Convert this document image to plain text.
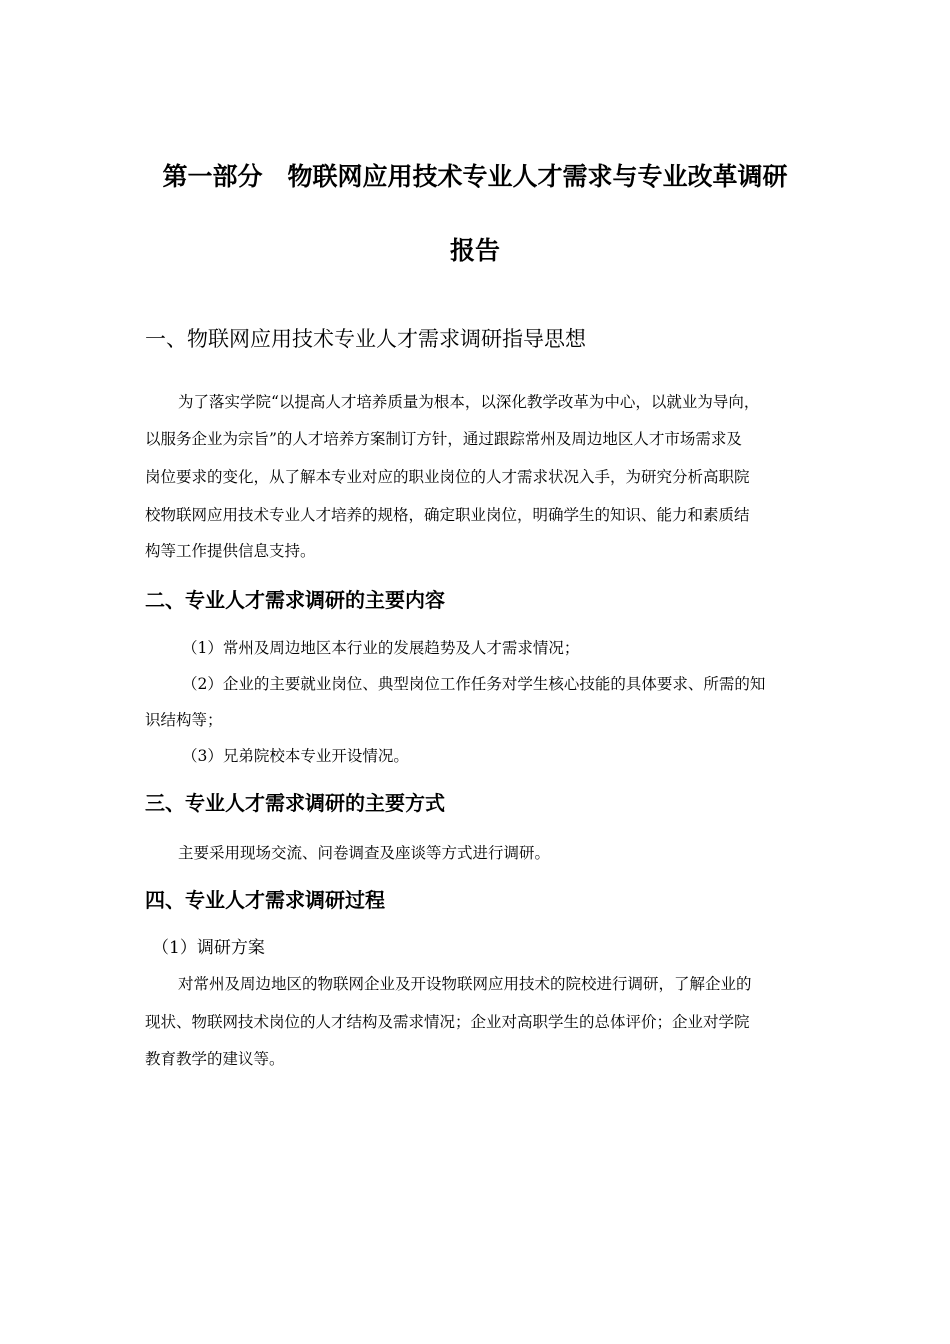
第一部分　物联网应用技术专业人才需求与专业改革调研
报告
一、物联网应用技术专业人才需求调研指导思想
为了落实学院“以提高人才培养质量为根本，以深化教学改革为中心，以就业为导向，
以服务企业为宗旨”的人才培养方案制订方针，通过跟踪常州及周边地区人才市场需求及
岗位要求的变化，从了解本专业对应的职业岗位的人才需求状况入手，为研究分析高职院
校物联网应用技术专业人才培养的规格，确定职业岗位，明确学生的知识、能力和素质结
构等工作提供信息支持。
二、专业人才需求调研的主要内容
（1）常州及周边地区本行业的发展趋势及人才需求情况；
（2）企业的主要就业岗位、典型岗位工作任务对学生核心技能的具体要求、所需的知
识结构等；
（3）兄弟院校本专业开设情况。
三、专业人才需求调研的主要方式
主要采用现场交流、问卷调查及座谈等方式进行调研。
四、专业人才需求调研过程
（1）调研方案
对常州及周边地区的物联网企业及开设物联网应用技术的院校进行调研，了解企业的
现状、物联网技术岗位的人才结构及需求情况；企业对高职学生的总体评价；企业对学院
教育教学的建议等。
